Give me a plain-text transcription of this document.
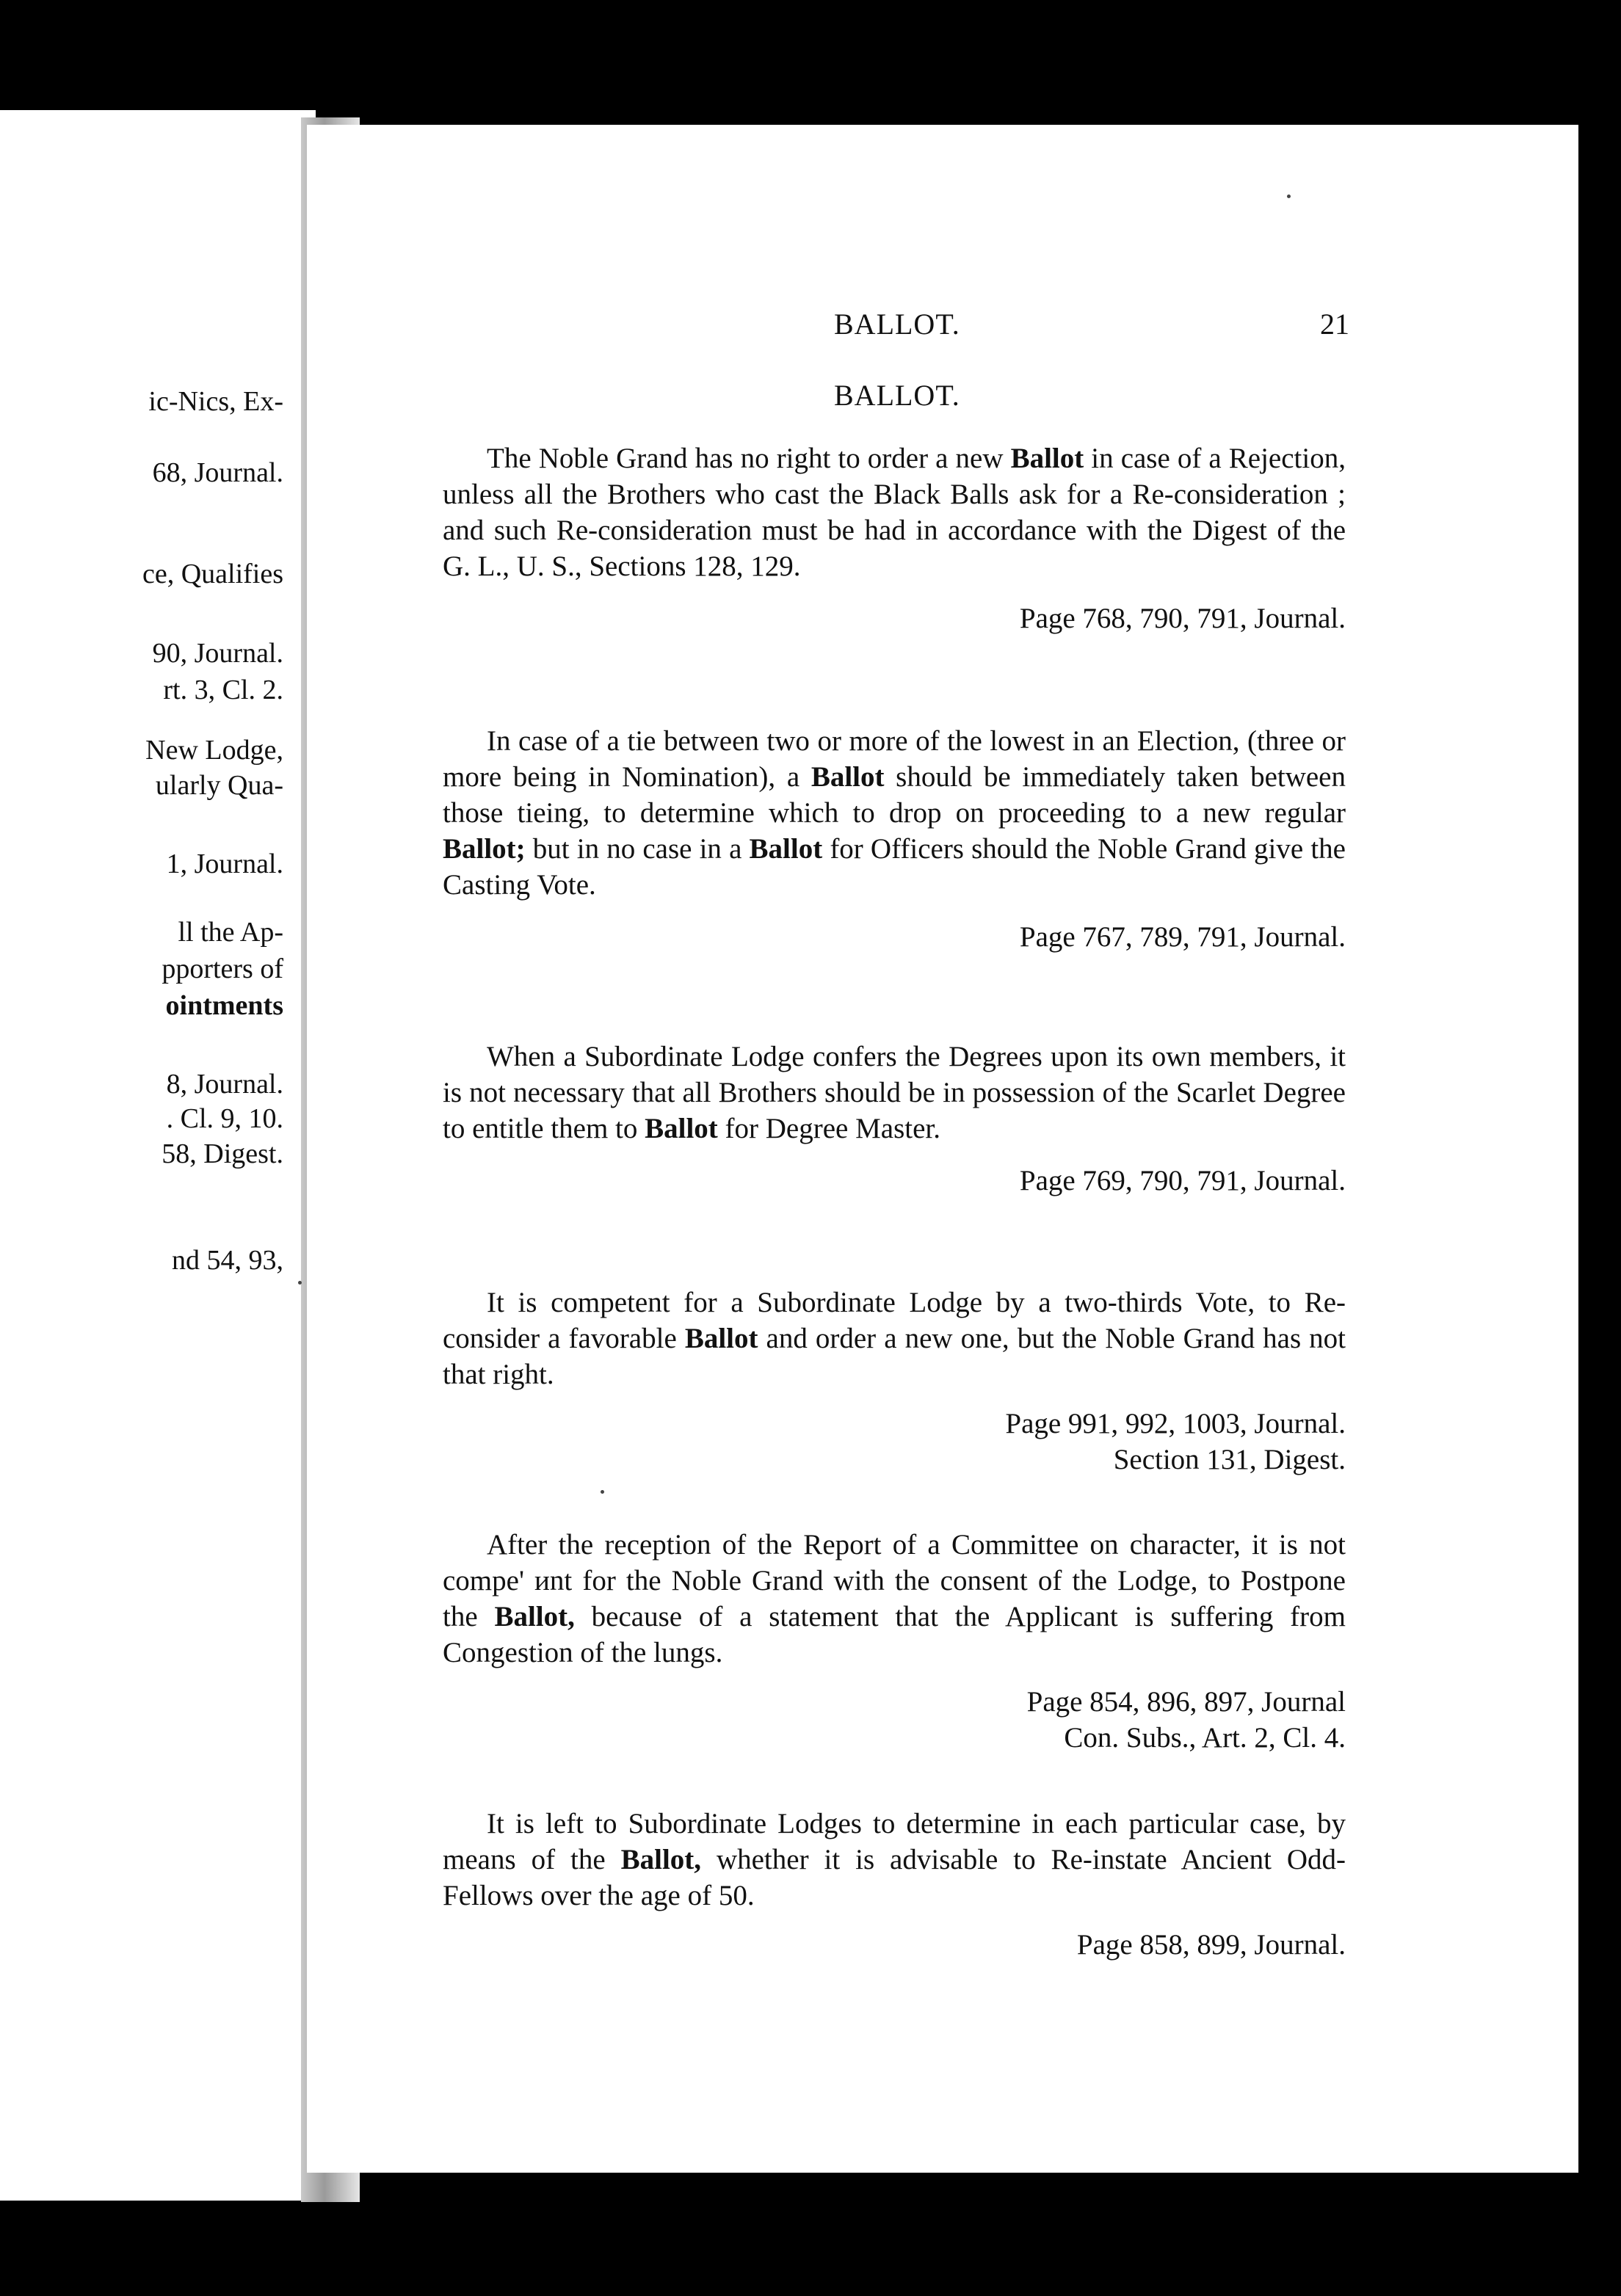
ic-Nics, Ex-
68, Journal.
ce, Qualifies
90, Journal.
rt. 3, Cl. 2.
New Lodge,
ularly Qua-
1, Journal.
ll the Ap-
pporters of
ointments
8, Journal.
. Cl. 9, 10.
58, Digest.
nd 54, 93,
BALLOT.	21
BALLOT.

The Noble Grand has no right to order a new Ballot in case of a Rejection, unless all the Brothers who cast the Black Balls ask for a Re-consideration ; and such Re-consideration must be had in accordance with the Digest of the G. L., U. S., Sections 128, 129.

Page 768, 790, 791, Journal.

In case of a tie between two or more of the lowest in an Election, (three or more being in Nomination), a Ballot should be immediately taken between those tieing, to determine which to drop on proceeding to a new regular Ballot; but in no case in a Ballot for Officers should the Noble Grand give the Casting Vote.

Page 767, 789, 791, Journal.

When a Subordinate Lodge confers the Degrees upon its own members, it is not necessary that all Brothers should be in possession of the Scarlet Degree to entitle them to Ballot for Degree Master.

Page 769, 790, 791, Journal.

It is competent for a Subordinate Lodge by a two-thirds Vote, to Re-consider a favorable Ballot and order a new one, but the Noble Grand has not that right.

Page 991, 992, 1003, Journal.

Section 131, Digest.

After the reception of the Report of a Committee on character, it is not compe' иnt for the Noble Grand with the consent of the Lodge, to Postpone the Ballot, because of a statement that the Applicant is suffering from Congestion of the lungs.

Page 854, 896, 897, Journal

Con. Subs., Art. 2, Cl. 4.

It is left to Subordinate Lodges to determine in each particular case, by means of the Ballot, whether it is advisable to Re-instate Ancient Odd-Fellows over the age of 50.

Page 858, 899, Journal.
